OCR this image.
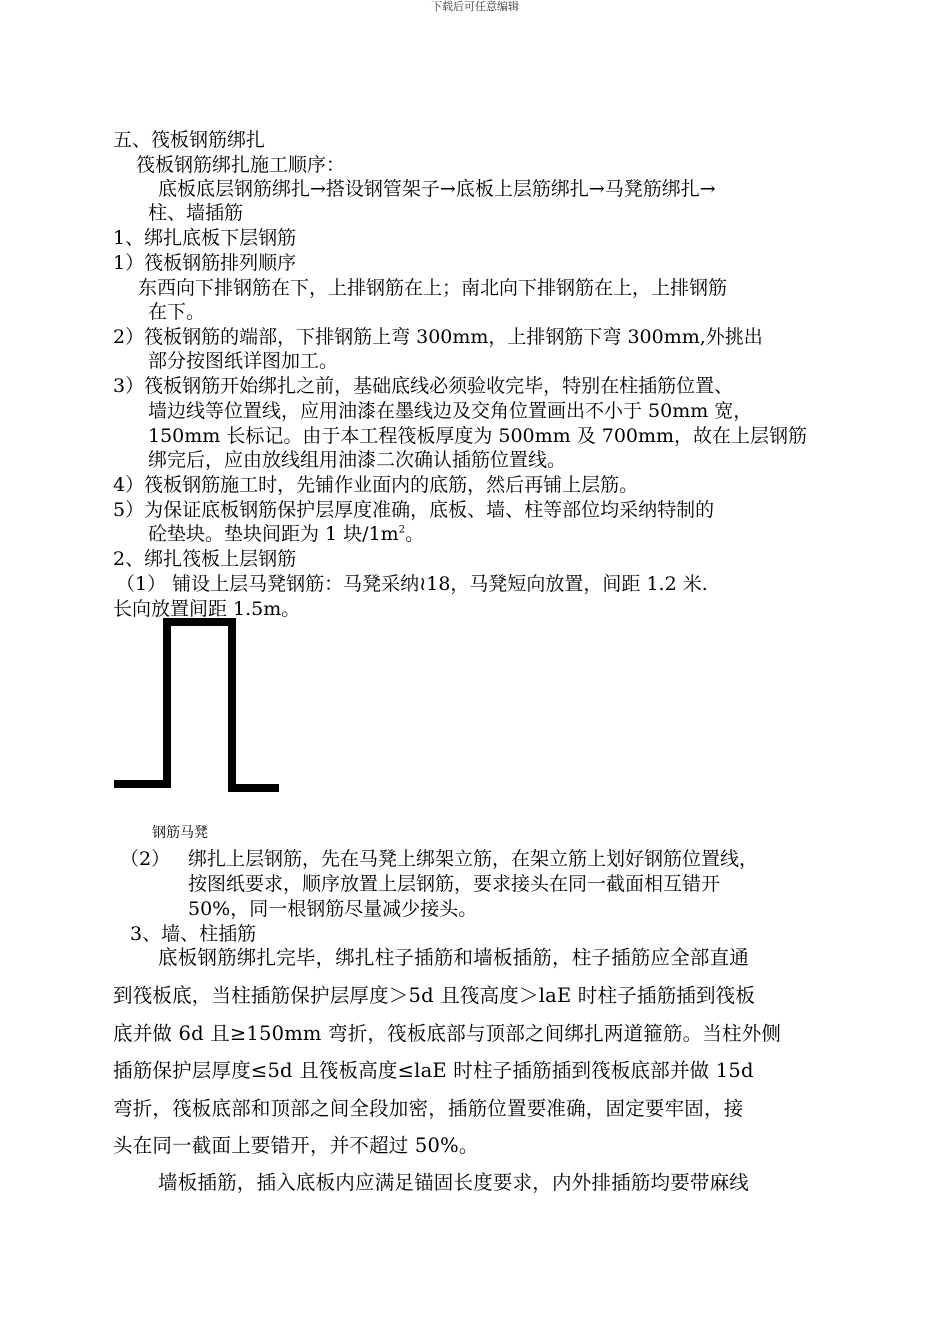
下载后可任意编辑
五、筏板钢筋绑扎
筏板钢筋绑扎施工顺序：
底板底层钢筋绑扎→搭设钢管架子→底板上层筋绑扎→马凳筋绑扎→
柱、墙插筋
1、绑扎底板下层钢筋
1）筏板钢筋排列顺序
东西向下排钢筋在下，上排钢筋在上；南北向下排钢筋在上，上排钢筋
在下。
2）筏板钢筋的端部，下排钢筋上弯 300mm，上排钢筋下弯 300mm,外挑出
部分按图纸详图加工。
3）筏板钢筋开始绑扎之前，基础底线必须验收完毕，特别在柱插筋位置、
墙边线等位置线，应用油漆在墨线边及交角位置画出不小于 50mm 宽，
150mm 长标记。由于本工程筏板厚度为 500mm 及 700mm，故在上层钢筋
绑完后，应由放线组用油漆二次确认插筋位置线。
4）筏板钢筋施工时，先铺作业面内的底筋，然后再铺上层筋。
5）为保证底板钢筋保护层厚度准确，底板、墙、柱等部位均采纳特制的
砼垫块。垫块间距为 1 块$/1m^2$。
2、绑扎筏板上层钢筋
（1） 铺设上层马凳钢筋：马凳采纳≀18，马凳短向放置，间距 1.2 米.
长向放置间距 1.5m。
钢筋马凳
（2） 绑扎上层钢筋，先在马凳上绑架立筋，在架立筋上划好钢筋位置线，
按图纸要求，顺序放置上层钢筋，要求接头在同一截面相互错开
50%，同一根钢筋尽量减少接头。
3、墙、柱插筋
底板钢筋绑扎完毕，绑扎柱子插筋和墙板插筋，柱子插筋应全部直通
到筏板底，当柱插筋保护层厚度＞5d 且筏高度＞laE 时柱子插筋插到筏板
底并做 6d 且≥150mm 弯折，筏板底部与顶部之间绑扎两道箍筋。当柱外侧
插筋保护层厚度≤5d 且筏板高度≤laE 时柱子插筋插到筏板底部并做 15d
弯折，筏板底部和顶部之间全段加密，插筋位置要准确，固定要牢固，接
头在同一截面上要错开，并不超过 50%。
墙板插筋，插入底板内应满足锚固长度要求，内外排插筋均要带麻线
